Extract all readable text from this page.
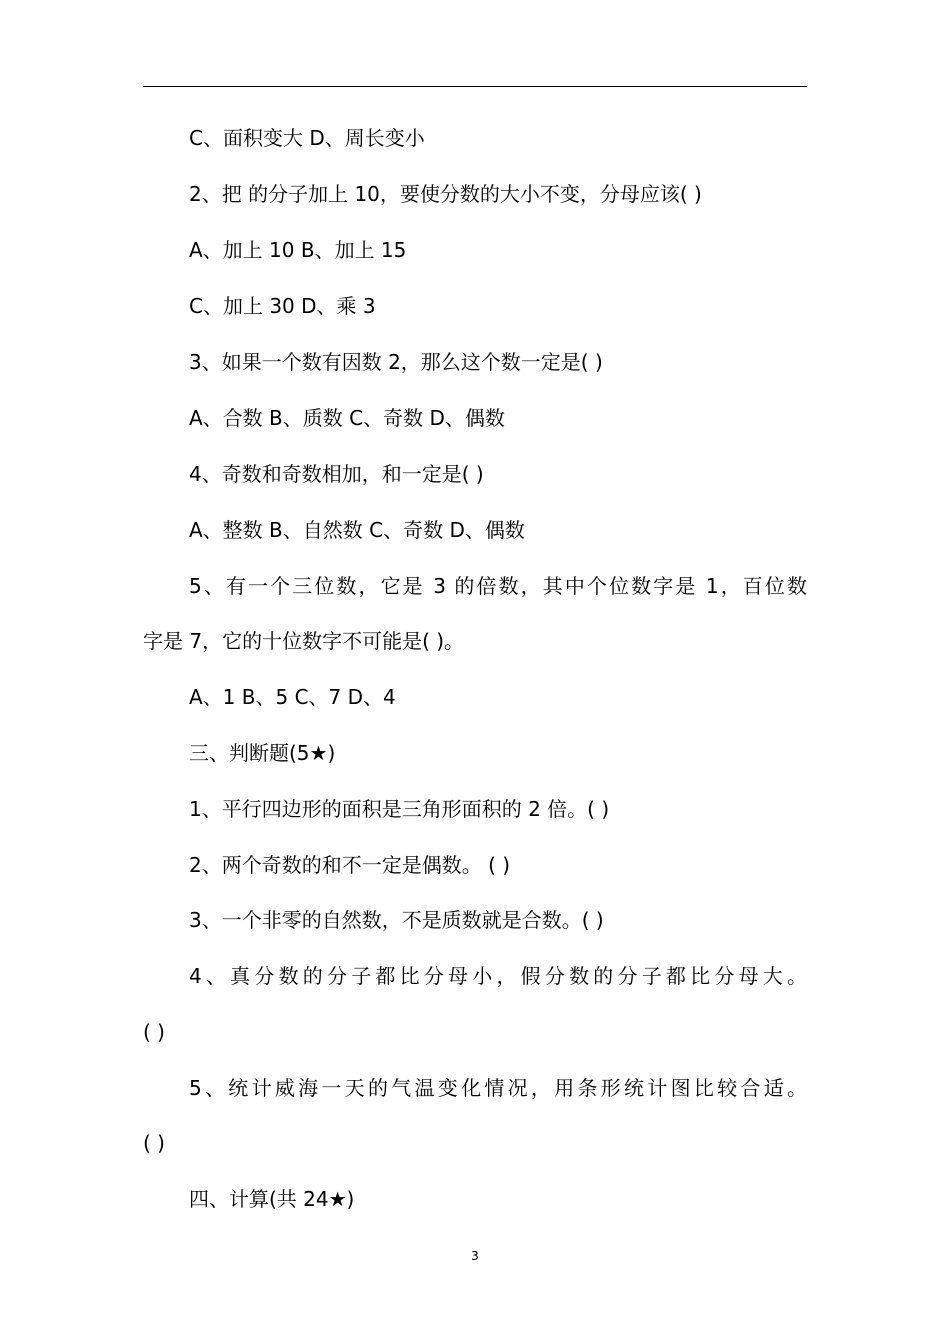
C、面积变大 D、周长变小
2、把 的分子加上 10，要使分数的大小不变，分母应该( )
A、加上 10 B、加上 15
C、加上 30 D、乘 3
3、如果一个数有因数 2，那么这个数一定是( )
A、合数 B、质数 C、奇数 D、偶数
4、奇数和奇数相加，和一定是( )
A、整数 B、自然数 C、奇数 D、偶数
5、有一个三位数，它是 3 的倍数，其中个位数字是 1，百位数
字是 7，它的十位数字不可能是( )。
A、1 B、5 C、7 D、4
三、判断题(5★)
1、平行四边形的面积是三角形面积的 2 倍。( )
2、两个奇数的和不一定是偶数。 ( )
3、一个非零的自然数，不是质数就是合数。( )
4、真分数的分子都比分母小，假分数的分子都比分母大。
( )
5、统计威海一天的气温变化情况，用条形统计图比较合适。
( )
四、计算(共 24★)
3
